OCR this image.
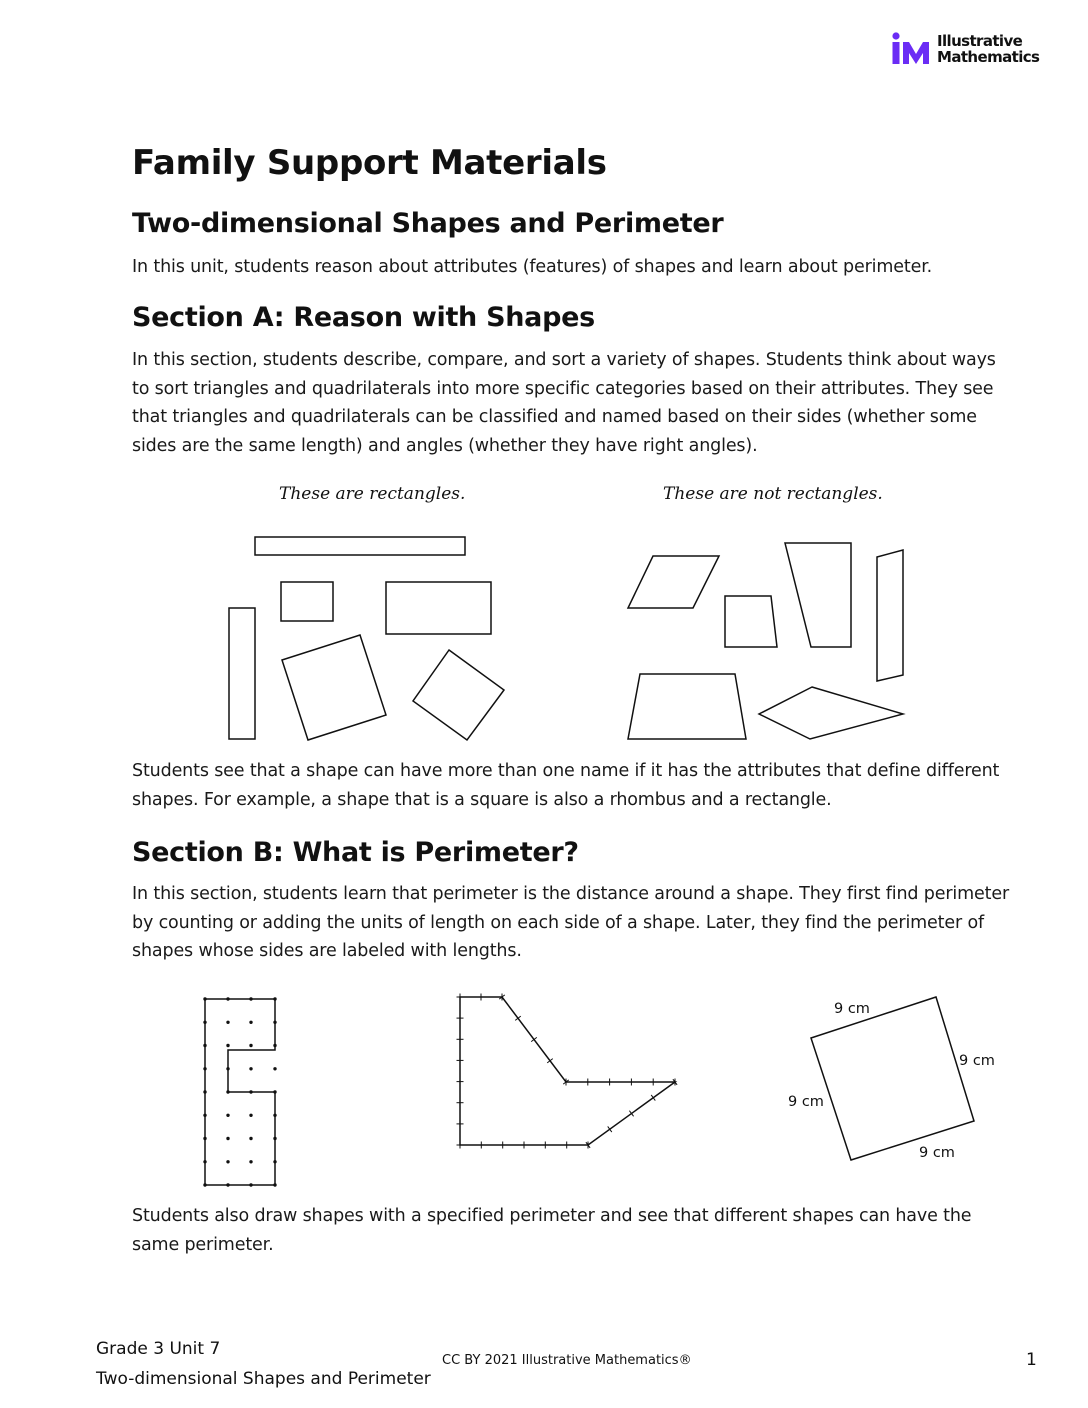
Illustrative
Mathematics
Family Support Materials
Two-dimensional Shapes and Perimeter

In this unit, students reason about attributes (features) of shapes and learn about perimeter.

Section A: Reason with Shapes

In this section, students describe, compare, and sort a variety of shapes. Students think about ways to sort triangles and quadrilaterals into more specific categories based on their attributes. They see that triangles and quadrilaterals can be classified and named based on their sides (whether some sides are the same length) and angles (whether they have right angles).

These are rectangles.	These are not rectangles.

Students see that a shape can have more than one name if it has the attributes that define different shapes. For example, a shape that is a square is also a rhombus and a rectangle.

Section B: What is Perimeter?

In this section, students learn that perimeter is the distance around a shape. They first find perimeter by counting or adding the units of length on each side of a shape. Later, they find the perimeter of shapes whose sides are labeled with lengths.

9 cm
9 cm
9 cm
9 cm

Students also draw shapes with a specified perimeter and see that different shapes can have the same perimeter.

Grade 3 Unit 7
Two-dimensional Shapes and Perimeter

CC BY 2021 Illustrative Mathematics®	1
